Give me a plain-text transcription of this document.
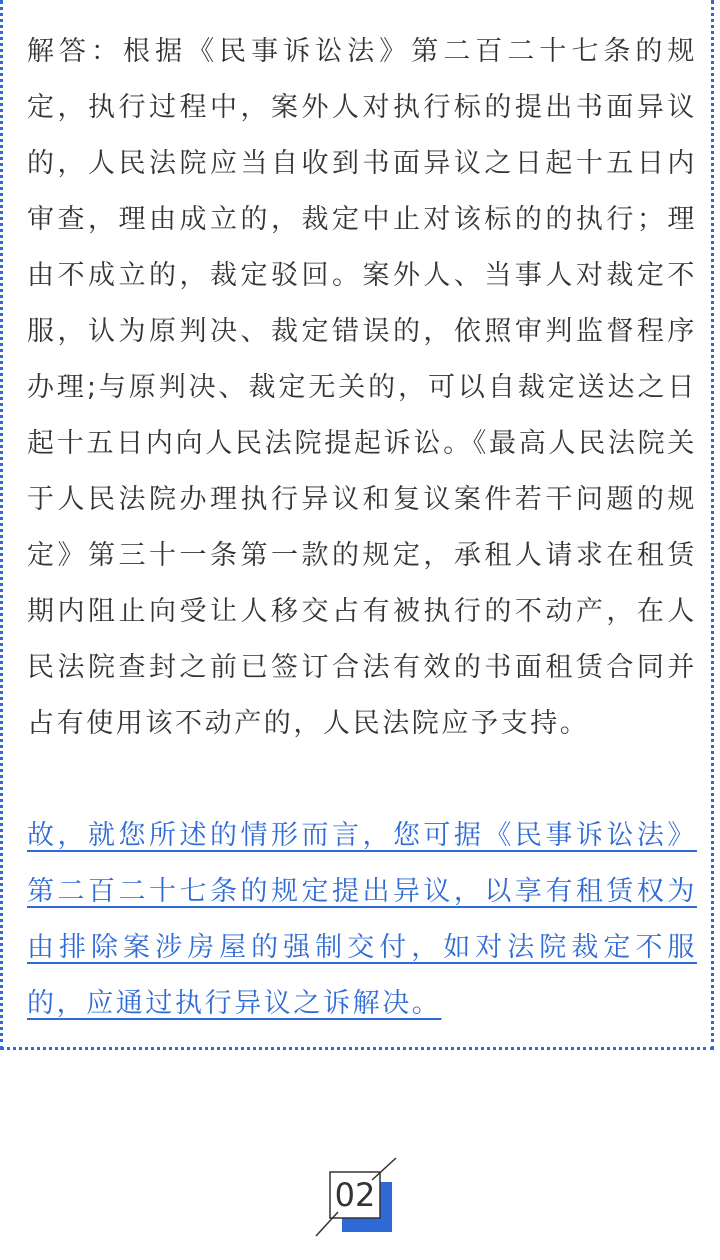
解答：根据《民事诉讼法》第二百二十七条的规定，执行过程中，案外人对执行标的提出书面异议的，人民法院应当自收到书面异议之日起十五日内审查，理由成立的，裁定中止对该标的的执行；理由不成立的，裁定驳回。案外人、当事人对裁定不服，认为原判决、裁定错误的，依照审判监督程序办理;与原判决、裁定无关的，可以自裁定送达之日起十五日内向人民法院提起诉讼。《最高人民法院关于人民法院办理执行异议和复议案件若干问题的规定》第三十一条第一款的规定，承租人请求在租赁期内阻止向受让人移交占有被执行的不动产，在人民法院查封之前已签订合法有效的书面租赁合同并占有使用该不动产的，人民法院应予支持。

故，就您所述的情形而言，您可据《民事诉讼法》第二百二十七条的规定提出异议，以享有租赁权为由排除案涉房屋的强制交付，如对法院裁定不服的，应通过执行异议之诉解决。

02
